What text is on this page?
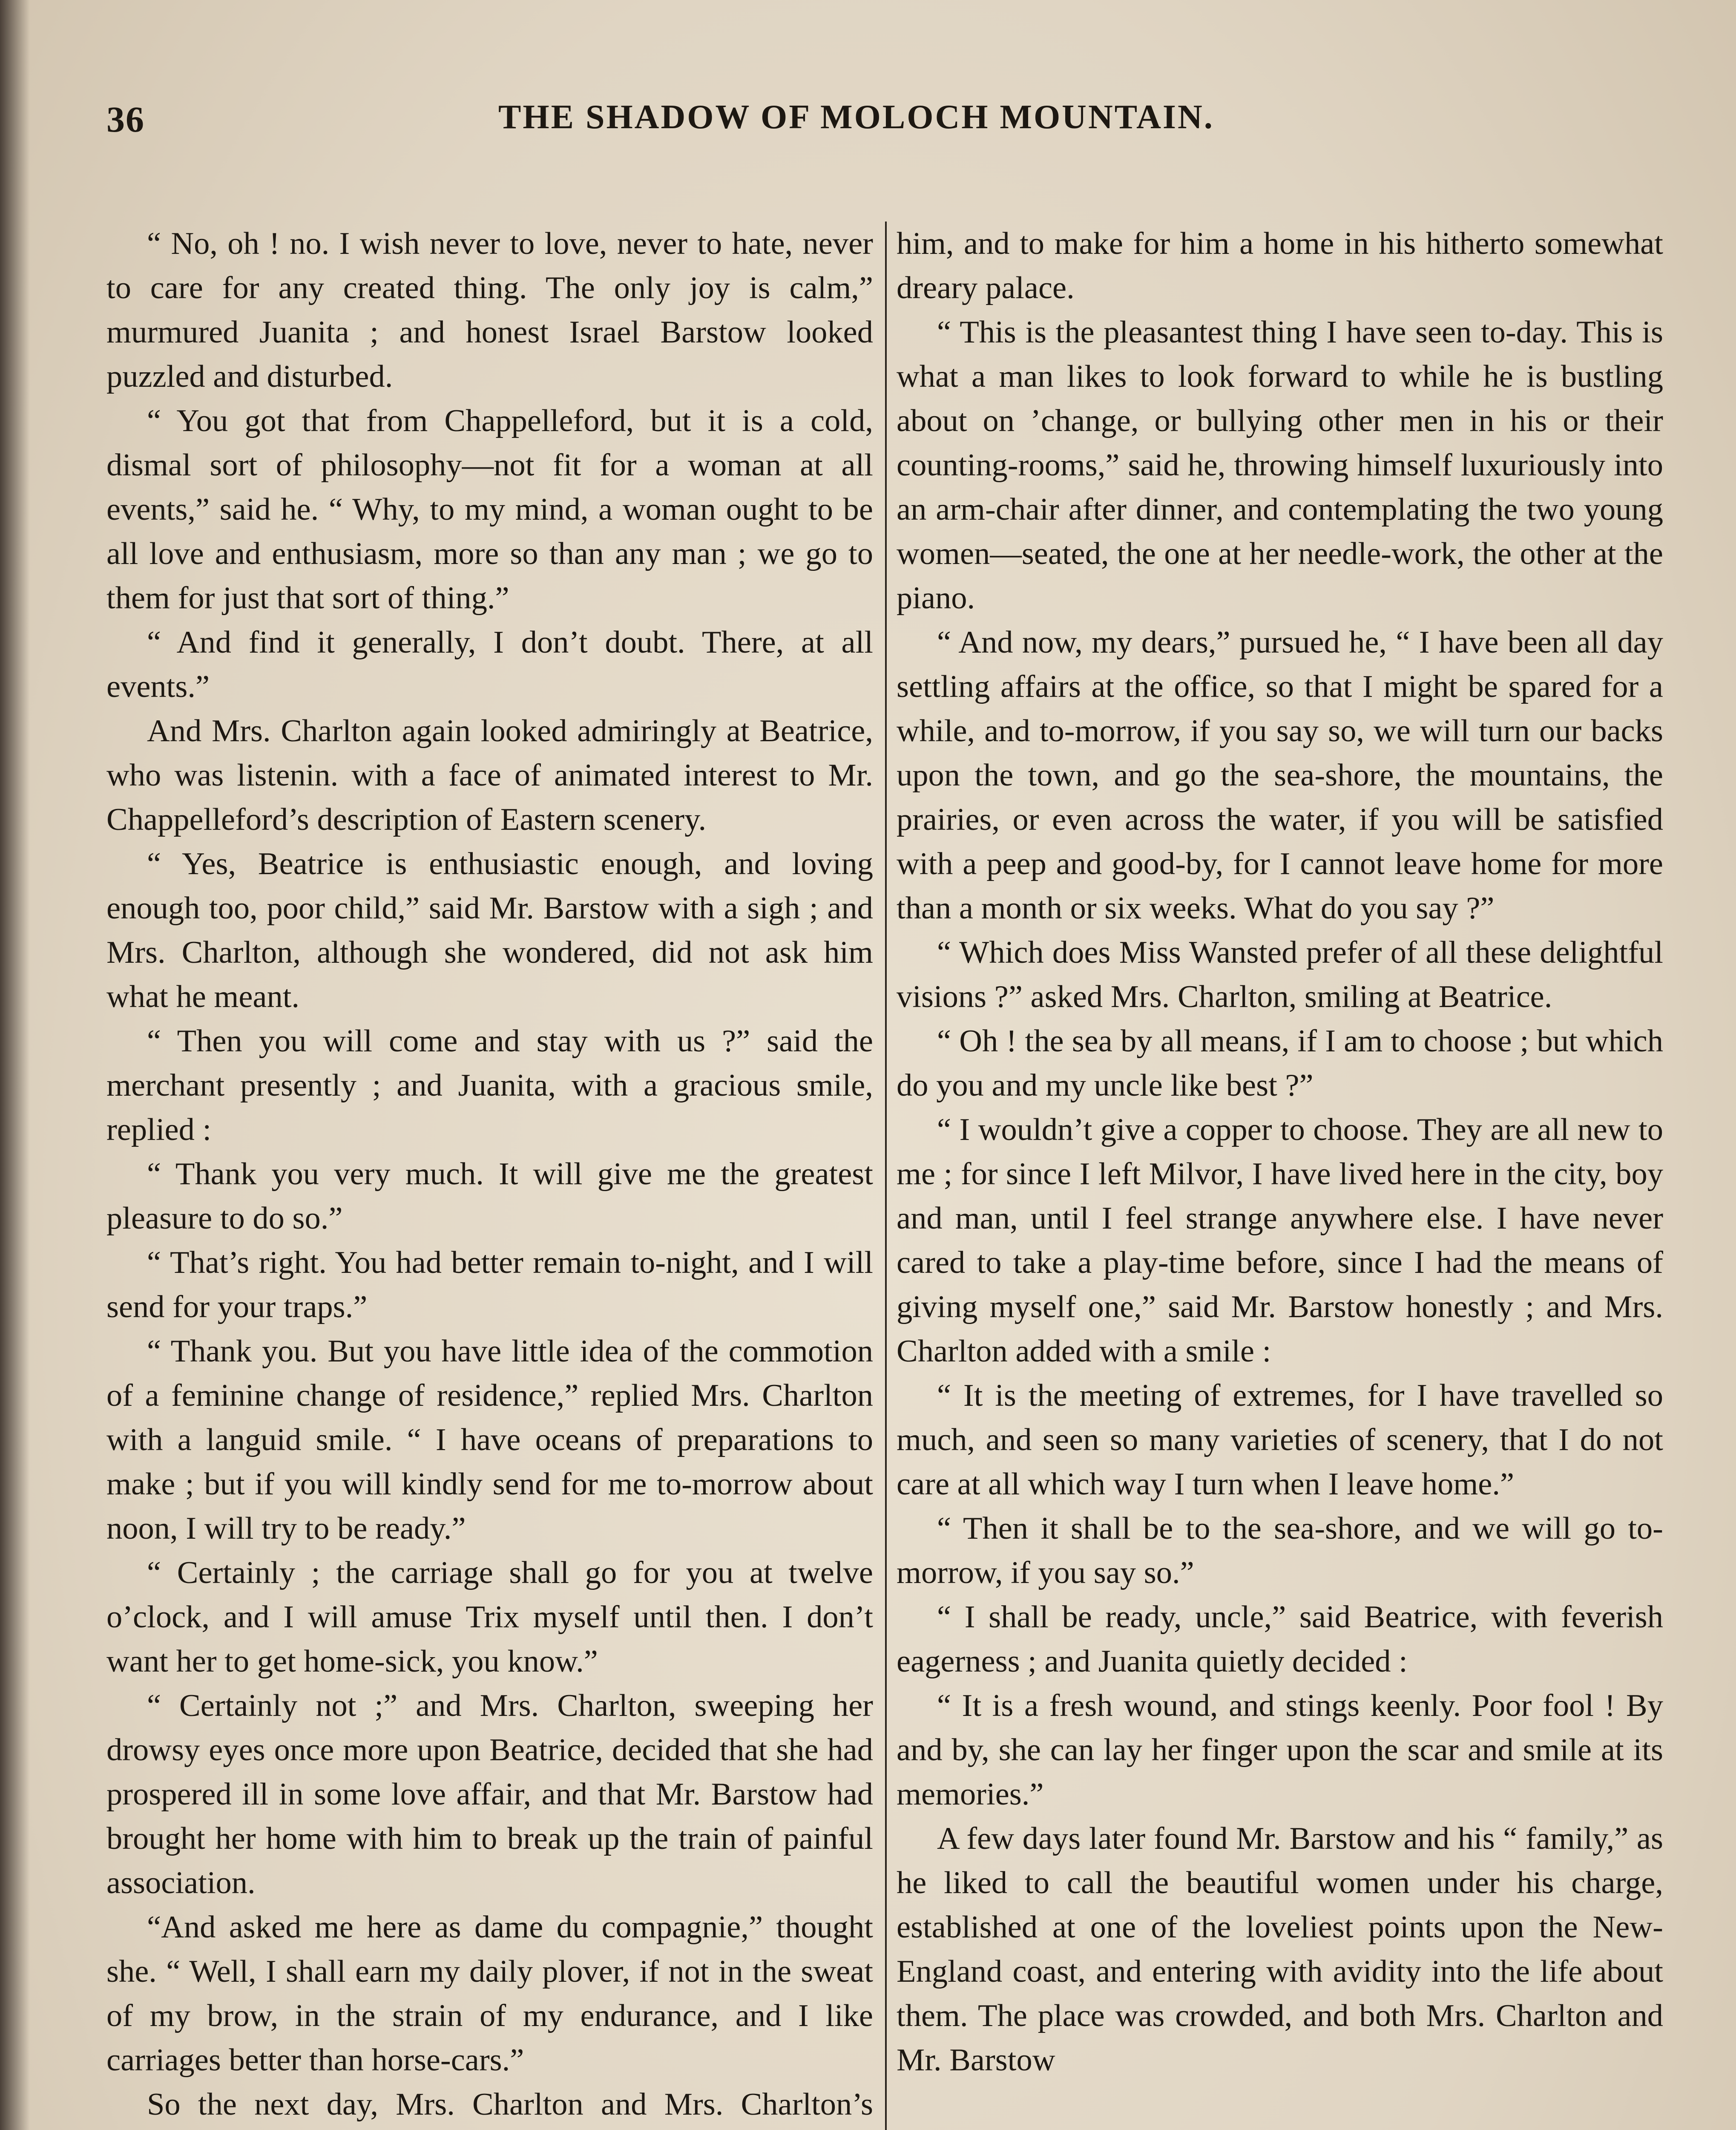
36	THE SHADOW OF MOLOCH MOUNTAIN.

“ No, oh ! no. I wish never to love, never to hate, never to care for any created thing. The only joy is calm,” murmured Juanita ; and honest Israel Barstow looked puzzled and disturbed.

“ You got that from Chappelleford, but it is a cold, dismal sort of philosophy—not fit for a woman at all events,” said he. “ Why, to my mind, a woman ought to be all love and enthusiasm, more so than any man ; we go to them for just that sort of thing.”

“ And find it generally, I don’t doubt. There, at all events.”

And Mrs. Charlton again looked admiringly at Beatrice, who was listenin. with a face of animated interest to Mr. Chappelleford’s description of Eastern scenery.

“ Yes, Beatrice is enthusiastic enough, and loving enough too, poor child,” said Mr. Barstow with a sigh ; and Mrs. Charlton, although she wondered, did not ask him what he meant.

“ Then you will come and stay with us ?” said the merchant presently ; and Juanita, with a gracious smile, replied :

“ Thank you very much. It will give me the greatest pleasure to do so.”

“ That’s right. You had better remain to-night, and I will send for your traps.”

“ Thank you. But you have little idea of the commotion of a feminine change of residence,” replied Mrs. Charlton with a languid smile. “ I have oceans of preparations to make ; but if you will kindly send for me to-morrow about noon, I will try to be ready.”

“ Certainly ; the carriage shall go for you at twelve o’clock, and I will amuse Trix myself until then. I don’t want her to get home-sick, you know.”

“ Certainly not ;” and Mrs. Charlton, sweeping her drowsy eyes once more upon Beatrice, decided that she had prospered ill in some love affair, and that Mr. Barstow had brought her home with him to break up the train of painful association.

“And asked me here as dame du compagnie,” thought she. “ Well, I shall earn my daily plover, if not in the sweat of my brow, in the strain of my endurance, and I like carriages better than horse-cars.”

So the next day, Mrs. Charlton and Mrs. Charlton’s

him, and to make for him a home in his hitherto somewhat dreary palace.

“ This is the pleasantest thing I have seen to-day. This is what a man likes to look forward to while he is bustling about on ’change, or bullying other men in his or their counting-rooms,” said he, throwing himself luxuriously into an arm-chair after dinner, and contemplating the two young women—seated, the one at her needle-work, the other at the piano.

“ And now, my dears,” pursued he, “ I have been all day settling affairs at the office, so that I might be spared for a while, and to-morrow, if you say so, we will turn our backs upon the town, and go the sea-shore, the mountains, the prairies, or even across the water, if you will be satisfied with a peep and good-by, for I cannot leave home for more than a month or six weeks. What do you say ?”

“ Which does Miss Wansted prefer of all these delightful visions ?” asked Mrs. Charlton, smiling at Beatrice.

“ Oh ! the sea by all means, if I am to choose ; but which do you and my uncle like best ?”

“ I wouldn’t give a copper to choose. They are all new to me ; for since I left Milvor, I have lived here in the city, boy and man, until I feel strange anywhere else. I have never cared to take a play-time before, since I had the means of giving myself one,” said Mr. Barstow honestly ; and Mrs. Charlton added with a smile :

“ It is the meeting of extremes, for I have travelled so much, and seen so many varieties of scenery, that I do not care at all which way I turn when I leave home.”

“ Then it shall be to the sea-shore, and we will go to-morrow, if you say so.”

“ I shall be ready, uncle,” said Beatrice, with feverish eagerness ; and Juanita quietly decided :

“ It is a fresh wound, and stings keenly. Poor fool ! By and by, she can lay her finger upon the scar and smile at its memories.”

A few days later found Mr. Barstow and his “ family,” as he liked to call the beautiful women under his charge, established at one of the loveliest points upon the New-England coast, and entering with avidity into the life about them. The place was crowded, and both Mrs. Charlton and Mr. Barstow
